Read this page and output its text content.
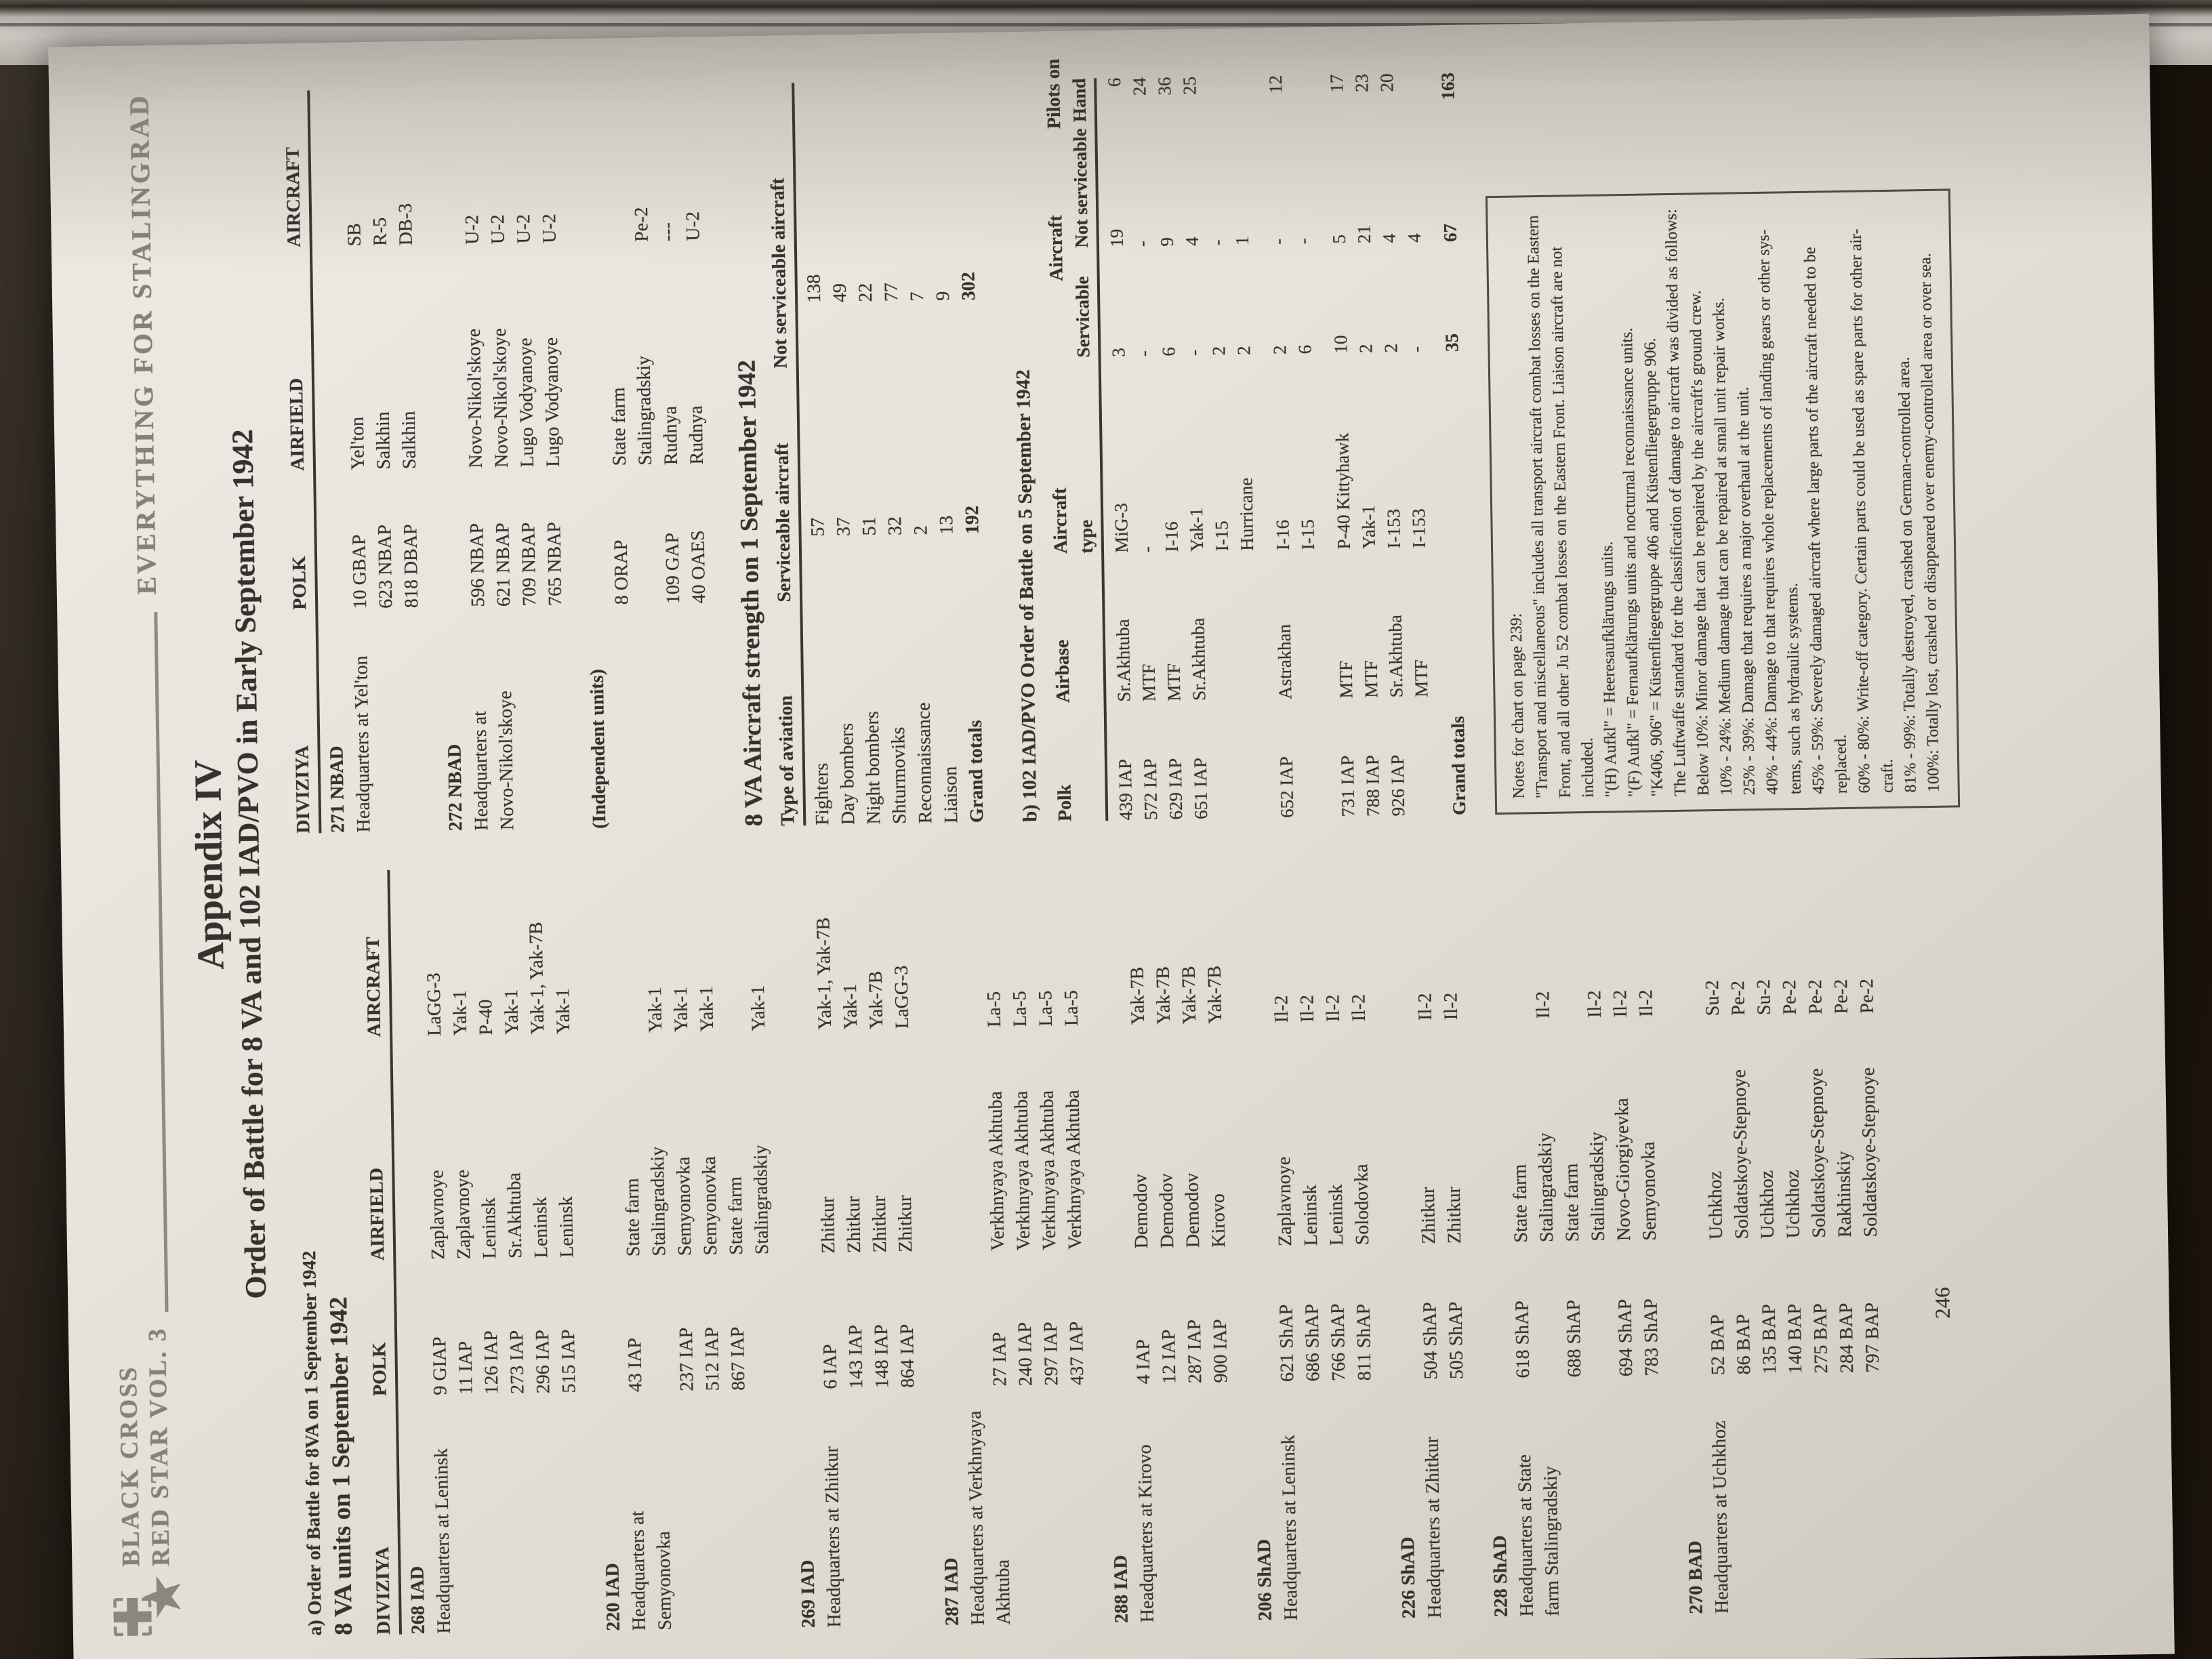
BLACK CROSS
RED STAR VOL. 3
EVERYTHING FOR STALINGRAD
Appendix IV
Order of Battle for 8 VA and 102 IAD/PVO in Early September 1942
a) Order of Battle for 8VA on 1 September 1942
8 VA units on 1 September 1942 DIVIZIYA
POLK
AIRFIELD
AIRCRAFT
268 IAD Headquarters at Leninsk
9 GIAP
Zaplavnoye
LaGG-3
11 IAP
Zaplavnoye
Yak-1
126 IAP
Leninsk
P-40
273 IAP
Sr.Akhtuba
Yak-1
296 IAP
Leninsk
Yak-1, Yak-7B
515 IAP
Leninsk
Yak-1
220 IAD Headquarters at
43 IAP
State farm
Semyonovka
Stalingradskiy
Yak-1
237 IAP
Semyonovka
Yak-1
512 IAP
Semyonovka
Yak-1
867 IAP
State farm Stalingradskiy
Yak-1
269 IAD Headquarters at Zhitkur
6 IAP
Zhitkur
Yak-1, Yak-7B
143 IAP
Zhitkur
Yak-1
148 IAP
Zhitkur
Yak-7B
864 IAP
Zhitkur
LaGG-3
287 IAD Headquarters at Verkhnyaya Akhtuba
27 IAP
Verkhnyaya Akhtuba
La-5
240 IAP
Verkhnyaya Akhtuba
La-5
297 IAP
Verkhnyaya Akhtuba
La-5
437 IAP
Verkhnyaya Akhtuba
La-5
288 IAD Headquarters at Kirovo
4 IAP
Demodov
Yak-7B
12 IAP
Demodov
Yak-7B
287 IAP
Demodov
Yak-7B
900 IAP
Kirovo
Yak-7B
206 ShAD Headquarters at Leninsk
621 ShAP
Zaplavnoye
Il-2
686 ShAP
Leninsk
Il-2
766 ShAP
Leninsk
Il-2
811 ShAP
Solodovka
Il-2
226 ShAD Headquarters at Zhitkur
504 ShAP
Zhitkur
Il-2
505 ShAP
Zhitkur
Il-2
228 ShAD Headquarters at State
618 ShAP
State farm
farm Stalingradskiy
Stalingradskiy
Il-2
688 ShAP
State farm Stalingradskiy
Il-2
694 ShAP
Novo-Giorgiyevka
Il-2
783 ShAP
Semyonovka
Il-2
270 BAD Headquarters at Uchkhoz
52 BAP
Uchkhoz
Su-2
86 BAP
Soldatskoye-Stepnoye
Pe-2
135 BAP
Uchkhoz
Su-2
140 BAP
Uchkhoz
Pe-2
275 BAP
Soldatskoye-Stepnoye
Pe-2
284 BAP
Rakhinskiy
Pe-2
797 BAP
Soldatskoye-Stepnoye
Pe-2
DIVIZIYA
POLK
AIRFIELD
AIRCRAFT
271 NBAD Headquarters at Yel'ton
10 GBAP
Yel'ton
SB
623 NBAP
Salkhin
R-5
818 DBAP
Salkhin
DB-3
272 NBAD Headquarters at
596 NBAP
Novo-Nikol'skoye
U-2
Novo-Nikol'skoye
621 NBAP
Novo-Nikol'skoye
U-2
709 NBAP
Lugo Vodyanoye
U-2
765 NBAP
Lugo Vodyanoye
U-2
(Independent units)
8 ORAP
State farm Stalingradskiy
Pe-2
109 GAP
Rudnya
---
40 OAES
Rudnya
U-2
8 VA Aircraft strength on 1 September 1942 Type of aviation
Serviceable aircraft
Not serviceable aircraft
Fighters
57
138
Day bombers
37
49
Night bombers
51
22
Shturmoviks
32
77
Reconnaissance
2
7
Liaison
13
9
Grand totals
192
302
b) 102 IAD/PVO Order of Battle on 5 September 1942 Polk
Airbase
Aircraft
Aircraft
Pilots on
type
Servicable
Not serviceable
Hand
439 IAP
Sr.Akhtuba
MiG-3
3
19
6
572 IAP
MTF
-
-
-
24
629 IAP
MTF
I-16
6
9
36
651 IAP
Sr.Akhtuba
Yak-1
-
4
25
I-15
2
-
Hurricane
2
1
652 IAP
Astrakhan
I-16
2
-
12
I-15
6
-
731 IAP
MTF
P-40 Kittyhawk
10
5
17
788 IAP
MTF
Yak-1
2
21
23
926 IAP
Sr.Akhtuba
I-153
2
4
20
MTF
I-153
-
4
Grand totals
35
67
163
Notes for chart on page 239:
"Transport and miscellaneous" includes all transport aircraft combat losses on the Eastern
Front, and all other Ju 52 combat losses on the Eastern Front. Liaison aircraft are not included. "(H) Aufkl" = Heeresaufklärungs units.
"(F) Aufkl" = Fernaufklärungs units and nocturnal reconnaissance units.
"K406, 906" = Küstenfliegergruppe 406 and Küstenfliegergruppe 906.
The Luftwaffe standard for the classification of damage to aircraft was divided as follows:
Below 10%: Minor damage that can be repaired by the aircraft's ground crew.
10% - 24%: Medium damage that can be repaired at small unit repair works.
25% - 39%: Damage that requires a major overhaul at the unit.
40% - 44%: Damage to that requires whole replacements of landing gears or other sys- tems, such as hydraulic systems.
45% - 59%: Severely damaged aircraft where large parts of the aircraft needed to be replaced.
60% - 80%: Write-off category. Certain parts could be used as spare parts for other air- craft.
81% - 99%: Totally destroyed, crashed on German-controlled area.
100%: Totally lost, crashed or disappeared over enemy-controlled area or over sea.
246
